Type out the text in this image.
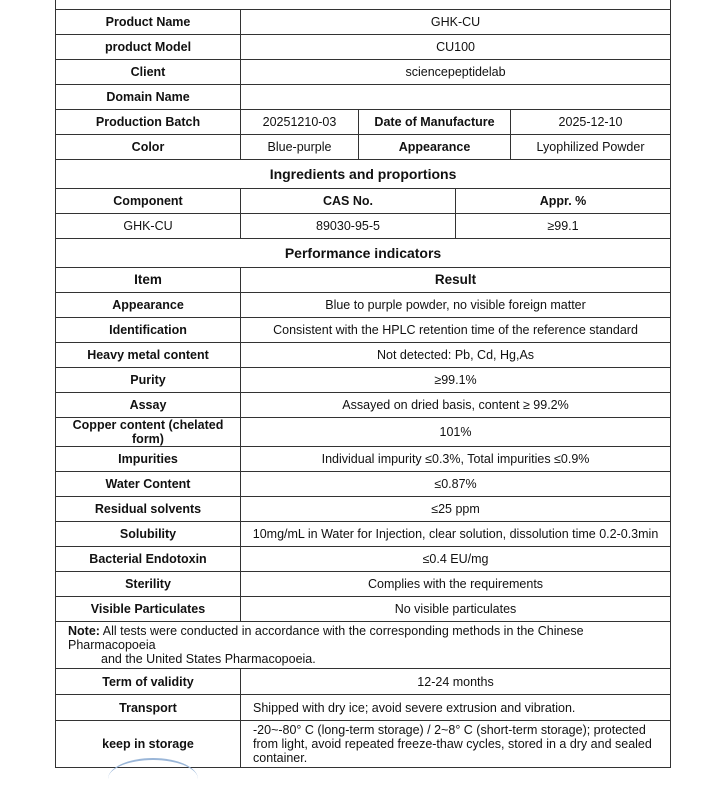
Product Name	GHK-CU			
product Model	CU100			
Client	sciencepeptidelab			
Domain Name				
Production Batch	20251210-03	Date of Manufacture		2025-12-10
Color	Blue-purple	Appearance		Lyophilized Powder
Ingredients and proportions				
Component	CAS No.		Appr. %	
GHK-CU	89030-95-5		≥99.1	
Performance indicators				
Item	Result			
Appearance	Blue to purple powder, no visible foreign matter			
Identification	Consistent with the HPLC retention time of the reference standard			
Heavy metal content	Not detected: Pb, Cd, Hg,As			
Purity	≥99.1%			
Assay	Assayed on dried basis, content ≥ 99.2%			
Copper content (chelated form)	101%			
Impurities	Individual impurity ≤0.3%, Total impurities ≤0.9%			
Water Content	≤0.87%			
Residual solvents	≤25 ppm			
Solubility	10mg/mL in Water for Injection, clear solution, dissolution time 0.2-0.3min			
Bacterial Endotoxin	≤0.4 EU/mg			
Sterility	Complies with the requirements			
Visible Particulates	No visible particulates			
Note: All tests were conducted in accordance with the corresponding methods in the Chinese Pharmacopoeia
and the United States Pharmacopoeia.				
Term of validity	12-24 months			
Transport	Shipped with dry ice; avoid severe extrusion and vibration.			
keep in storage	-20~-80° C (long-term storage) / 2~8° C (short-term storage); protected from light, avoid repeated freeze-thaw cycles, stored in a dry and sealed container.			
